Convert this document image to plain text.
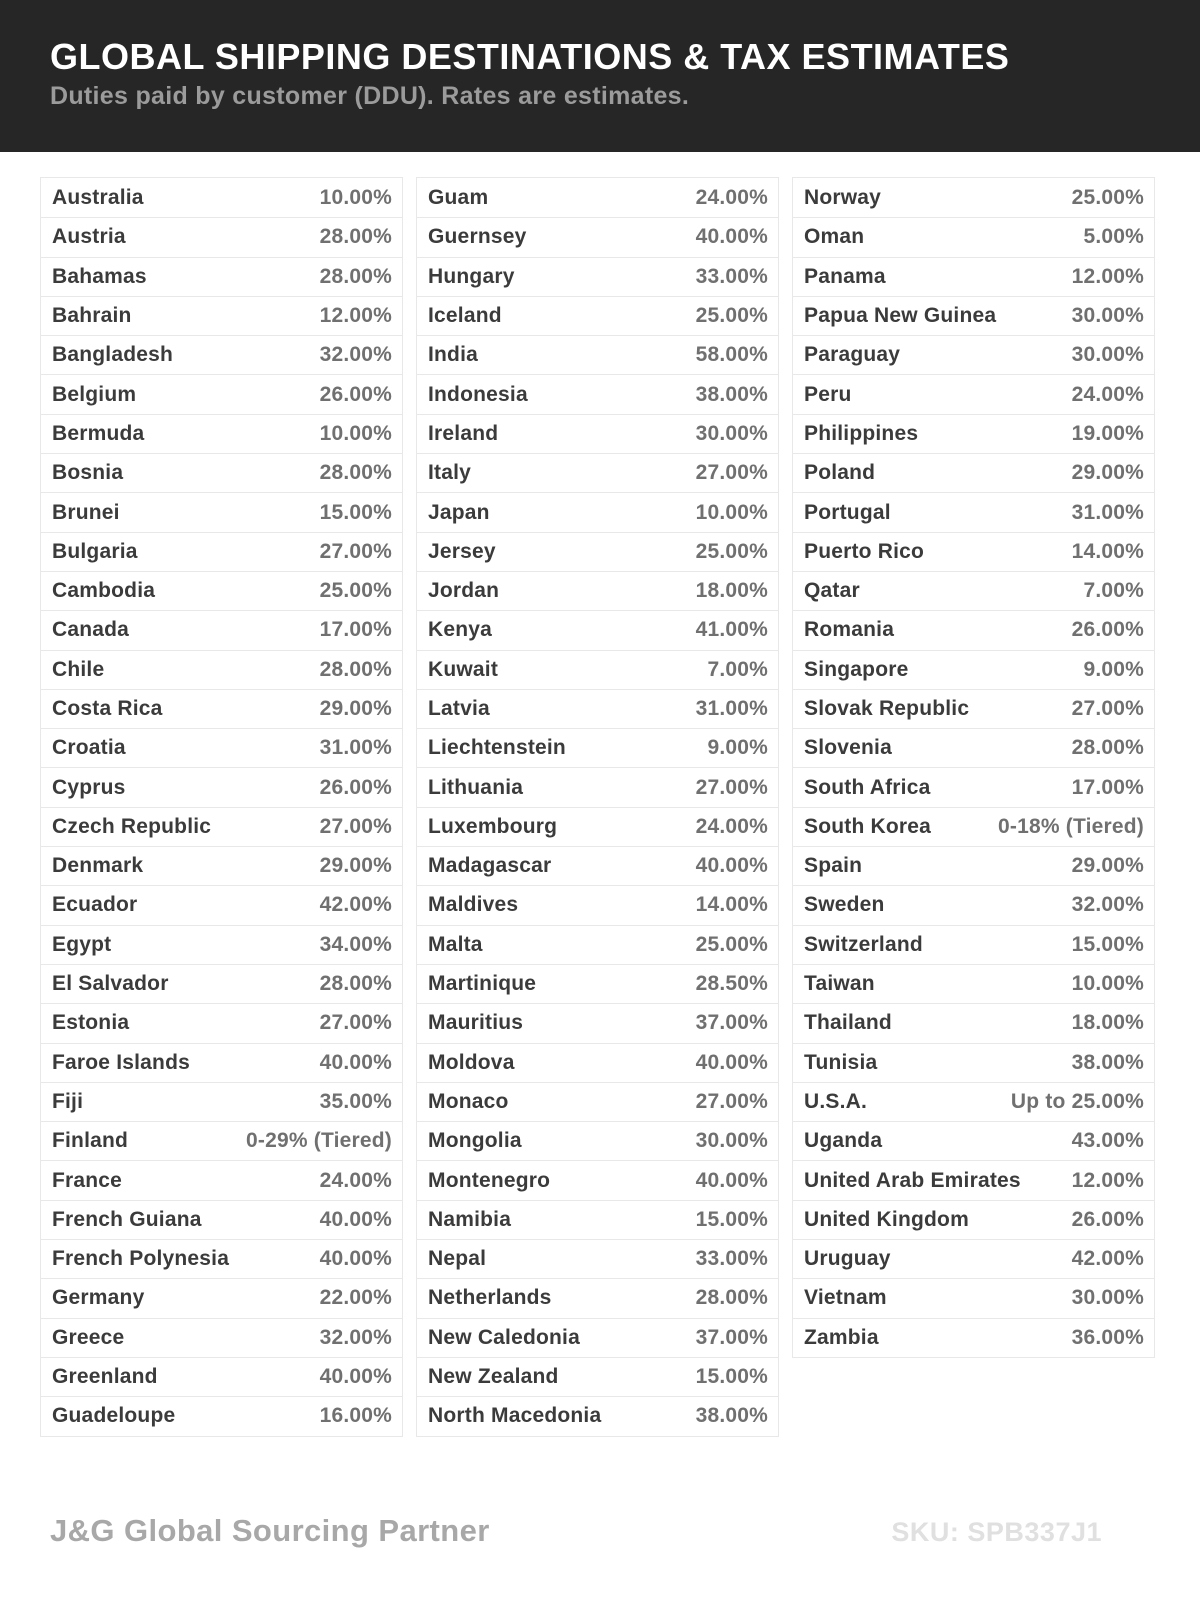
GLOBAL SHIPPING DESTINATIONS & TAX ESTIMATES
Duties paid by customer (DDU). Rates are estimates.
Australia	10.00%
Austria	28.00%
Bahamas	28.00%
Bahrain	12.00%
Bangladesh	32.00%
Belgium	26.00%
Bermuda	10.00%
Bosnia	28.00%
Brunei	15.00%
Bulgaria	27.00%
Cambodia	25.00%
Canada	17.00%
Chile	28.00%
Costa Rica	29.00%
Croatia	31.00%
Cyprus	26.00%
Czech Republic	27.00%
Denmark	29.00%
Ecuador	42.00%
Egypt	34.00%
El Salvador	28.00%
Estonia	27.00%
Faroe Islands	40.00%
Fiji	35.00%
Finland	0-29% (Tiered)
France	24.00%
French Guiana	40.00%
French Polynesia	40.00%
Germany	22.00%
Greece	32.00%
Greenland	40.00%
Guadeloupe	16.00%
Guam	24.00%
Guernsey	40.00%
Hungary	33.00%
Iceland	25.00%
India	58.00%
Indonesia	38.00%
Ireland	30.00%
Italy	27.00%
Japan	10.00%
Jersey	25.00%
Jordan	18.00%
Kenya	41.00%
Kuwait	7.00%
Latvia	31.00%
Liechtenstein	9.00%
Lithuania	27.00%
Luxembourg	24.00%
Madagascar	40.00%
Maldives	14.00%
Malta	25.00%
Martinique	28.50%
Mauritius	37.00%
Moldova	40.00%
Monaco	27.00%
Mongolia	30.00%
Montenegro	40.00%
Namibia	15.00%
Nepal	33.00%
Netherlands	28.00%
New Caledonia	37.00%
New Zealand	15.00%
North Macedonia	38.00%
Norway	25.00%
Oman	5.00%
Panama	12.00%
Papua New Guinea	30.00%
Paraguay	30.00%
Peru	24.00%
Philippines	19.00%
Poland	29.00%
Portugal	31.00%
Puerto Rico	14.00%
Qatar	7.00%
Romania	26.00%
Singapore	9.00%
Slovak Republic	27.00%
Slovenia	28.00%
South Africa	17.00%
South Korea	0-18% (Tiered)
Spain	29.00%
Sweden	32.00%
Switzerland	15.00%
Taiwan	10.00%
Thailand	18.00%
Tunisia	38.00%
U.S.A.	Up to 25.00%
Uganda	43.00%
United Arab Emirates 12.00%
United Kingdom	26.00%
Uruguay	42.00%
Vietnam	30.00%
Zambia	36.00%
J&G Global Sourcing Partner	SKU: SPB337J1
